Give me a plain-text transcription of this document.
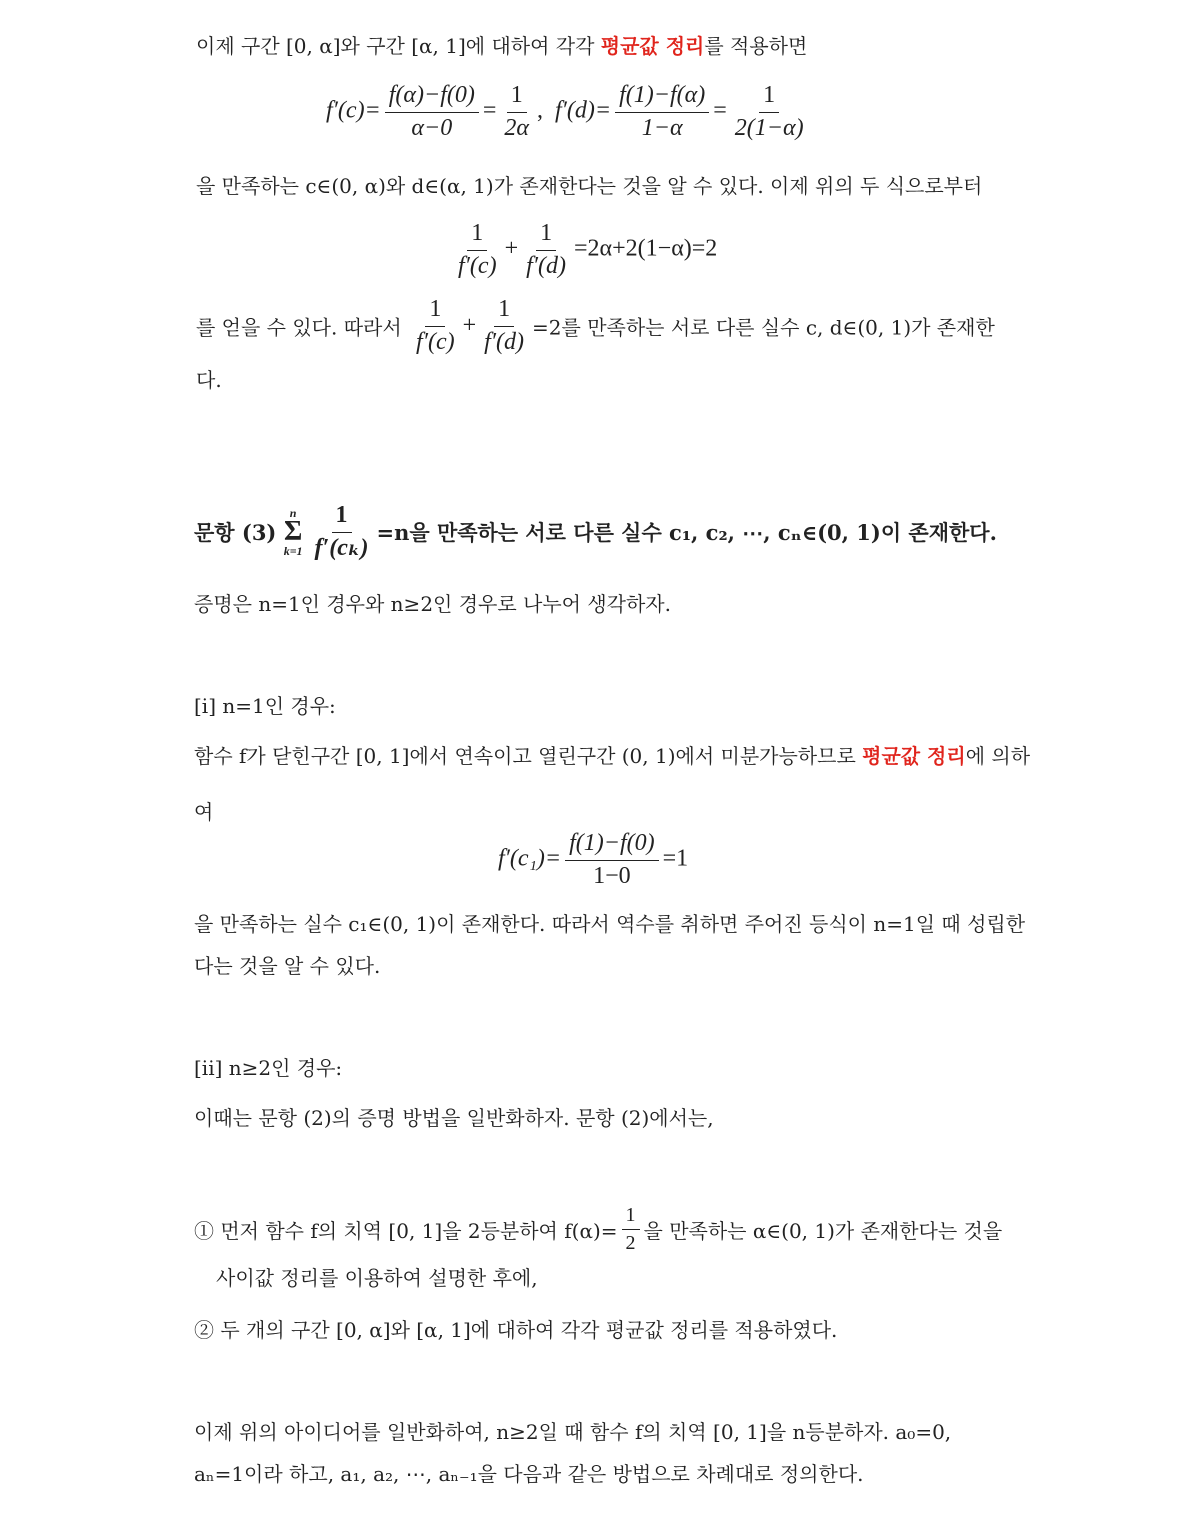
이제 구간 [0, α]와 구간 [α, 1]에 대하여 각각 평균값 정리를 적용하면
$f'(c)= \frac{f(\alpha)-f(0)}{\alpha-0} = \frac{1}{2\alpha}$ , $f'(d)= \frac{f(1)-f(\alpha)}{1-\alpha} = \frac{1}{2(1-\alpha)}$
을 만족하는 c∈(0, α)와 d∈(α, 1)가 존재한다는 것을 알 수 있다. 이제 위의 두 식으로부터
$\frac{1}{f'(c)} + \frac{1}{f'(d)} =2\alpha+2(1-\alpha)=2$
를 얻을 수 있다. 따라서 $\frac{1}{f'(c)} + \frac{1}{f'(d)} =2$를 만족하는 서로 다른 실수 c, d∈(0, 1)가 존재한
다.
문항 (3)
n
Σ
$k=1 \frac{1}{\text{f′(cₖ)}} =n$을 만족하는 서로 다른 실수 c₁, c₂, ⋯, cₙ∈(0, 1)이 존재한다.
증명은 n=1인 경우와 n≥2인 경우로 나누어 생각하자.
[i] n=1인 경우:
함수 f가 닫힌구간 [0, 1]에서 연속이고 열린구간 (0, 1)에서 미분가능하므로 평균값 정리에 의하
여
$f'(c_1)= \frac{f(1)-f(0)}{1-0} =1$
을 만족하는 실수 c₁∈(0, 1)이 존재한다. 따라서 역수를 취하면 주어진 등식이 n=1일 때 성립한
다는 것을 알 수 있다.
[ii] n≥2인 경우:
이때는 문항 (2)의 증명 방법을 일반화하자. 문항 (2)에서는,
① 먼저 함수 f의 치역 [0, 1]을 2등분하여 $f(\alpha)= \frac{1}{2}$ 을 만족하는 α∈(0, 1)가 존재한다는 것을
사이값 정리를 이용하여 설명한 후에,
② 두 개의 구간 [0, α]와 [α, 1]에 대하여 각각 평균값 정리를 적용하였다.
이제 위의 아이디어를 일반화하여, n≥2일 때 함수 f의 치역 [0, 1]을 n등분하자. a₀=0,
aₙ=1이라 하고, a₁, a₂, ⋯, aₙ₋₁을 다음과 같은 방법으로 차례대로 정의한다.
